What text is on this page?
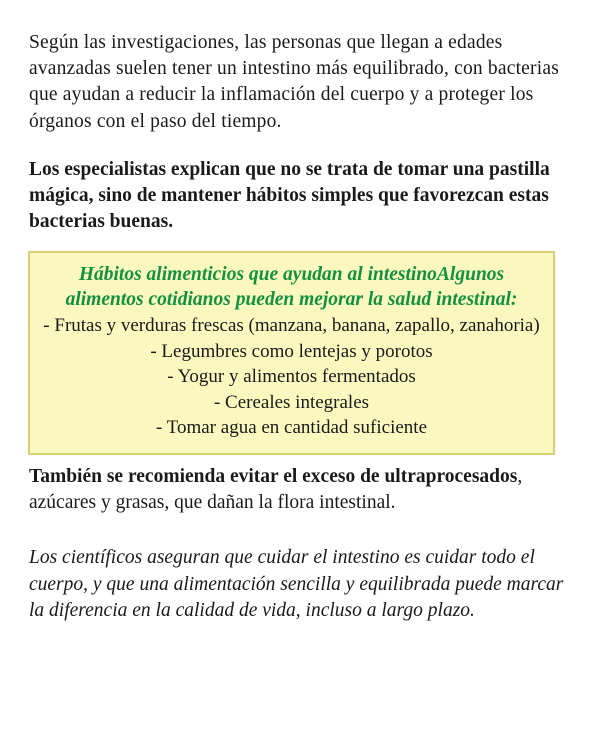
Según las investigaciones, las personas que llegan a edades avanzadas suelen tener un intestino más equilibrado, con bacterias que ayudan a reducir la inflamación del cuerpo y a proteger los órganos con el paso del tiempo.

Los especialistas explican que no se trata de tomar una pastilla mágica, sino de mantener hábitos simples que favorezcan estas bacterias buenas.

Hábitos alimenticios que ayudan al intestinoAlgunos alimentos cotidianos pueden mejorar la salud intestinal:

- Frutas y verduras frescas (manzana, banana, zapallo, zanahoria)
- Legumbres como lentejas y porotos
- Yogur y alimentos fermentados
- Cereales integrales
- Tomar agua en cantidad suficiente

También se recomienda evitar el exceso de ultraprocesados, azúcares y grasas, que dañan la flora intestinal.

Los científicos aseguran que cuidar el intestino es cuidar todo el cuerpo, y que una alimentación sencilla y equilibrada puede marcar la diferencia en la calidad de vida, incluso a largo plazo.
